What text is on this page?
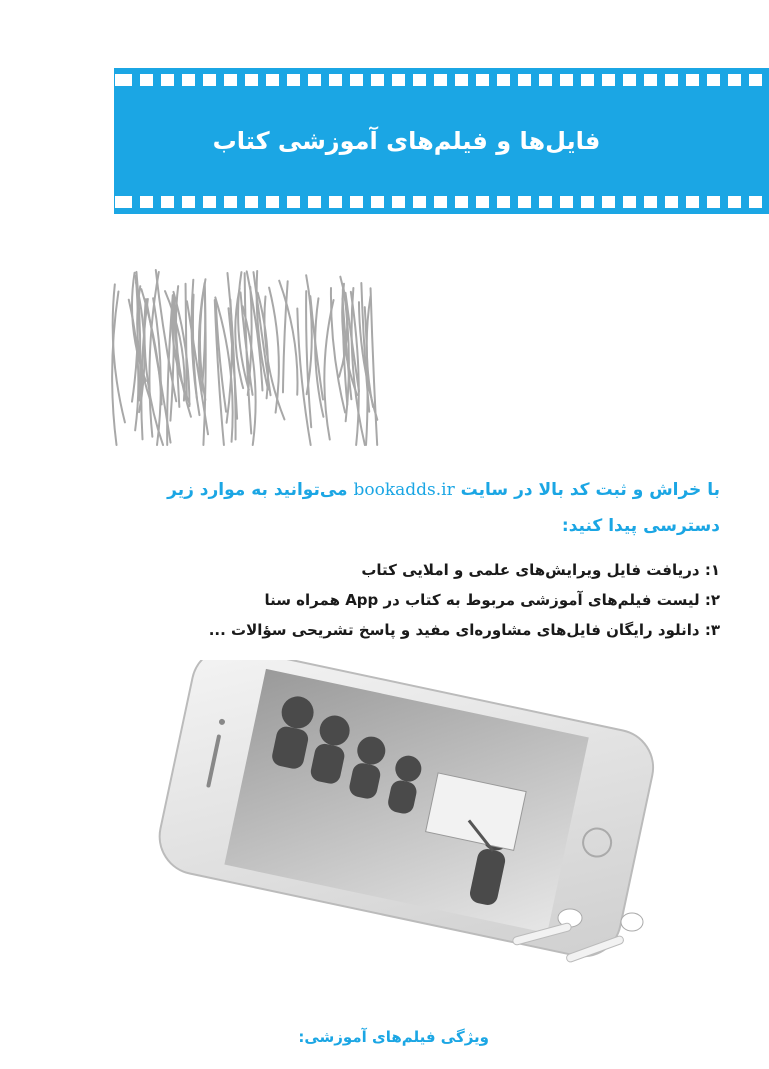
فایل‌ها و فیلم‌های آموزشی کتاب
با خراش و ثبت کد بالا در سایت bookadds.ir می‌توانید به موارد زیر دسترسی پیدا کنید:
۱: دریافت فایل ویرایش‌های علمی و املایی کتاب
۲: لیست فیلم‌های آموزشی مربوط به کتاب در App همراه سنا
۳: دانلود رایگان فایل‌های مشاوره‌ای مفید و پاسخ تشریحی سؤالات ...
ویژگی فیلم‌های آموزشی:
